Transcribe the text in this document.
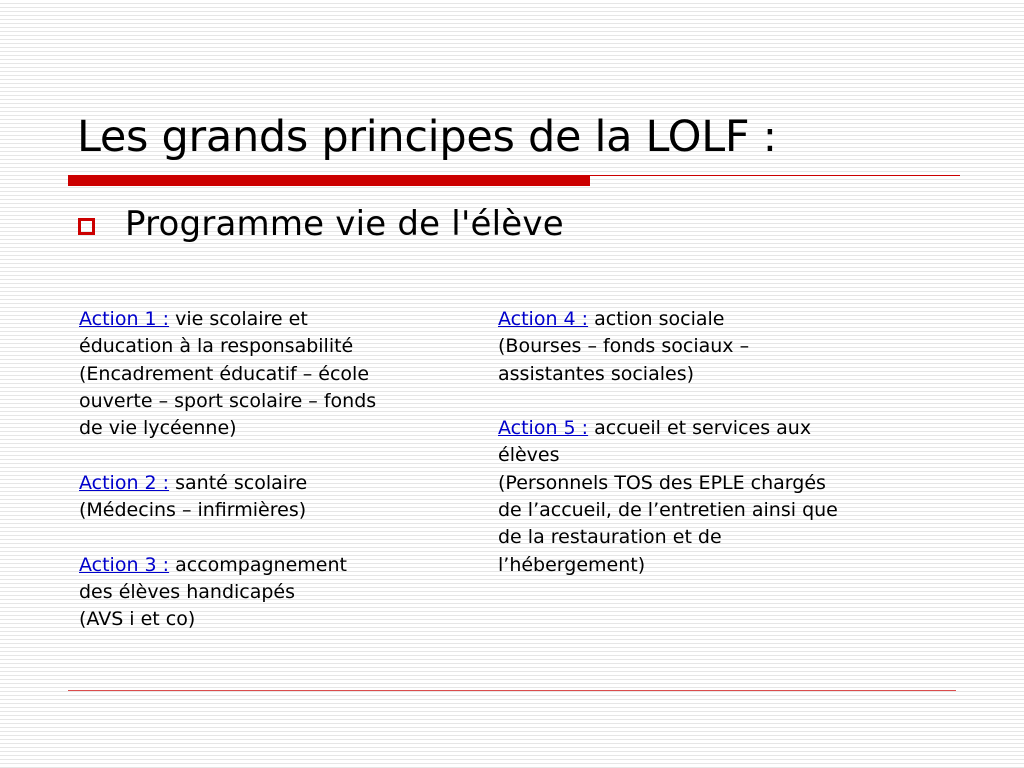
Les grands principes de la LOLF :
Programme vie de l'élève
Action 1 : vie scolaire et
éducation à la responsabilité
(Encadrement éducatif – école
ouverte – sport scolaire – fonds
de vie lycéenne)
Action 2 : santé scolaire
(Médecins – infirmières)
Action 3 : accompagnement
des élèves handicapés
(AVS i et co)
Action 4 : action sociale
(Bourses – fonds sociaux –
assistantes sociales)
Action 5 : accueil et services aux
élèves
(Personnels TOS des EPLE chargés
de l’accueil, de l’entretien ainsi que
de la restauration et de
l’hébergement)
